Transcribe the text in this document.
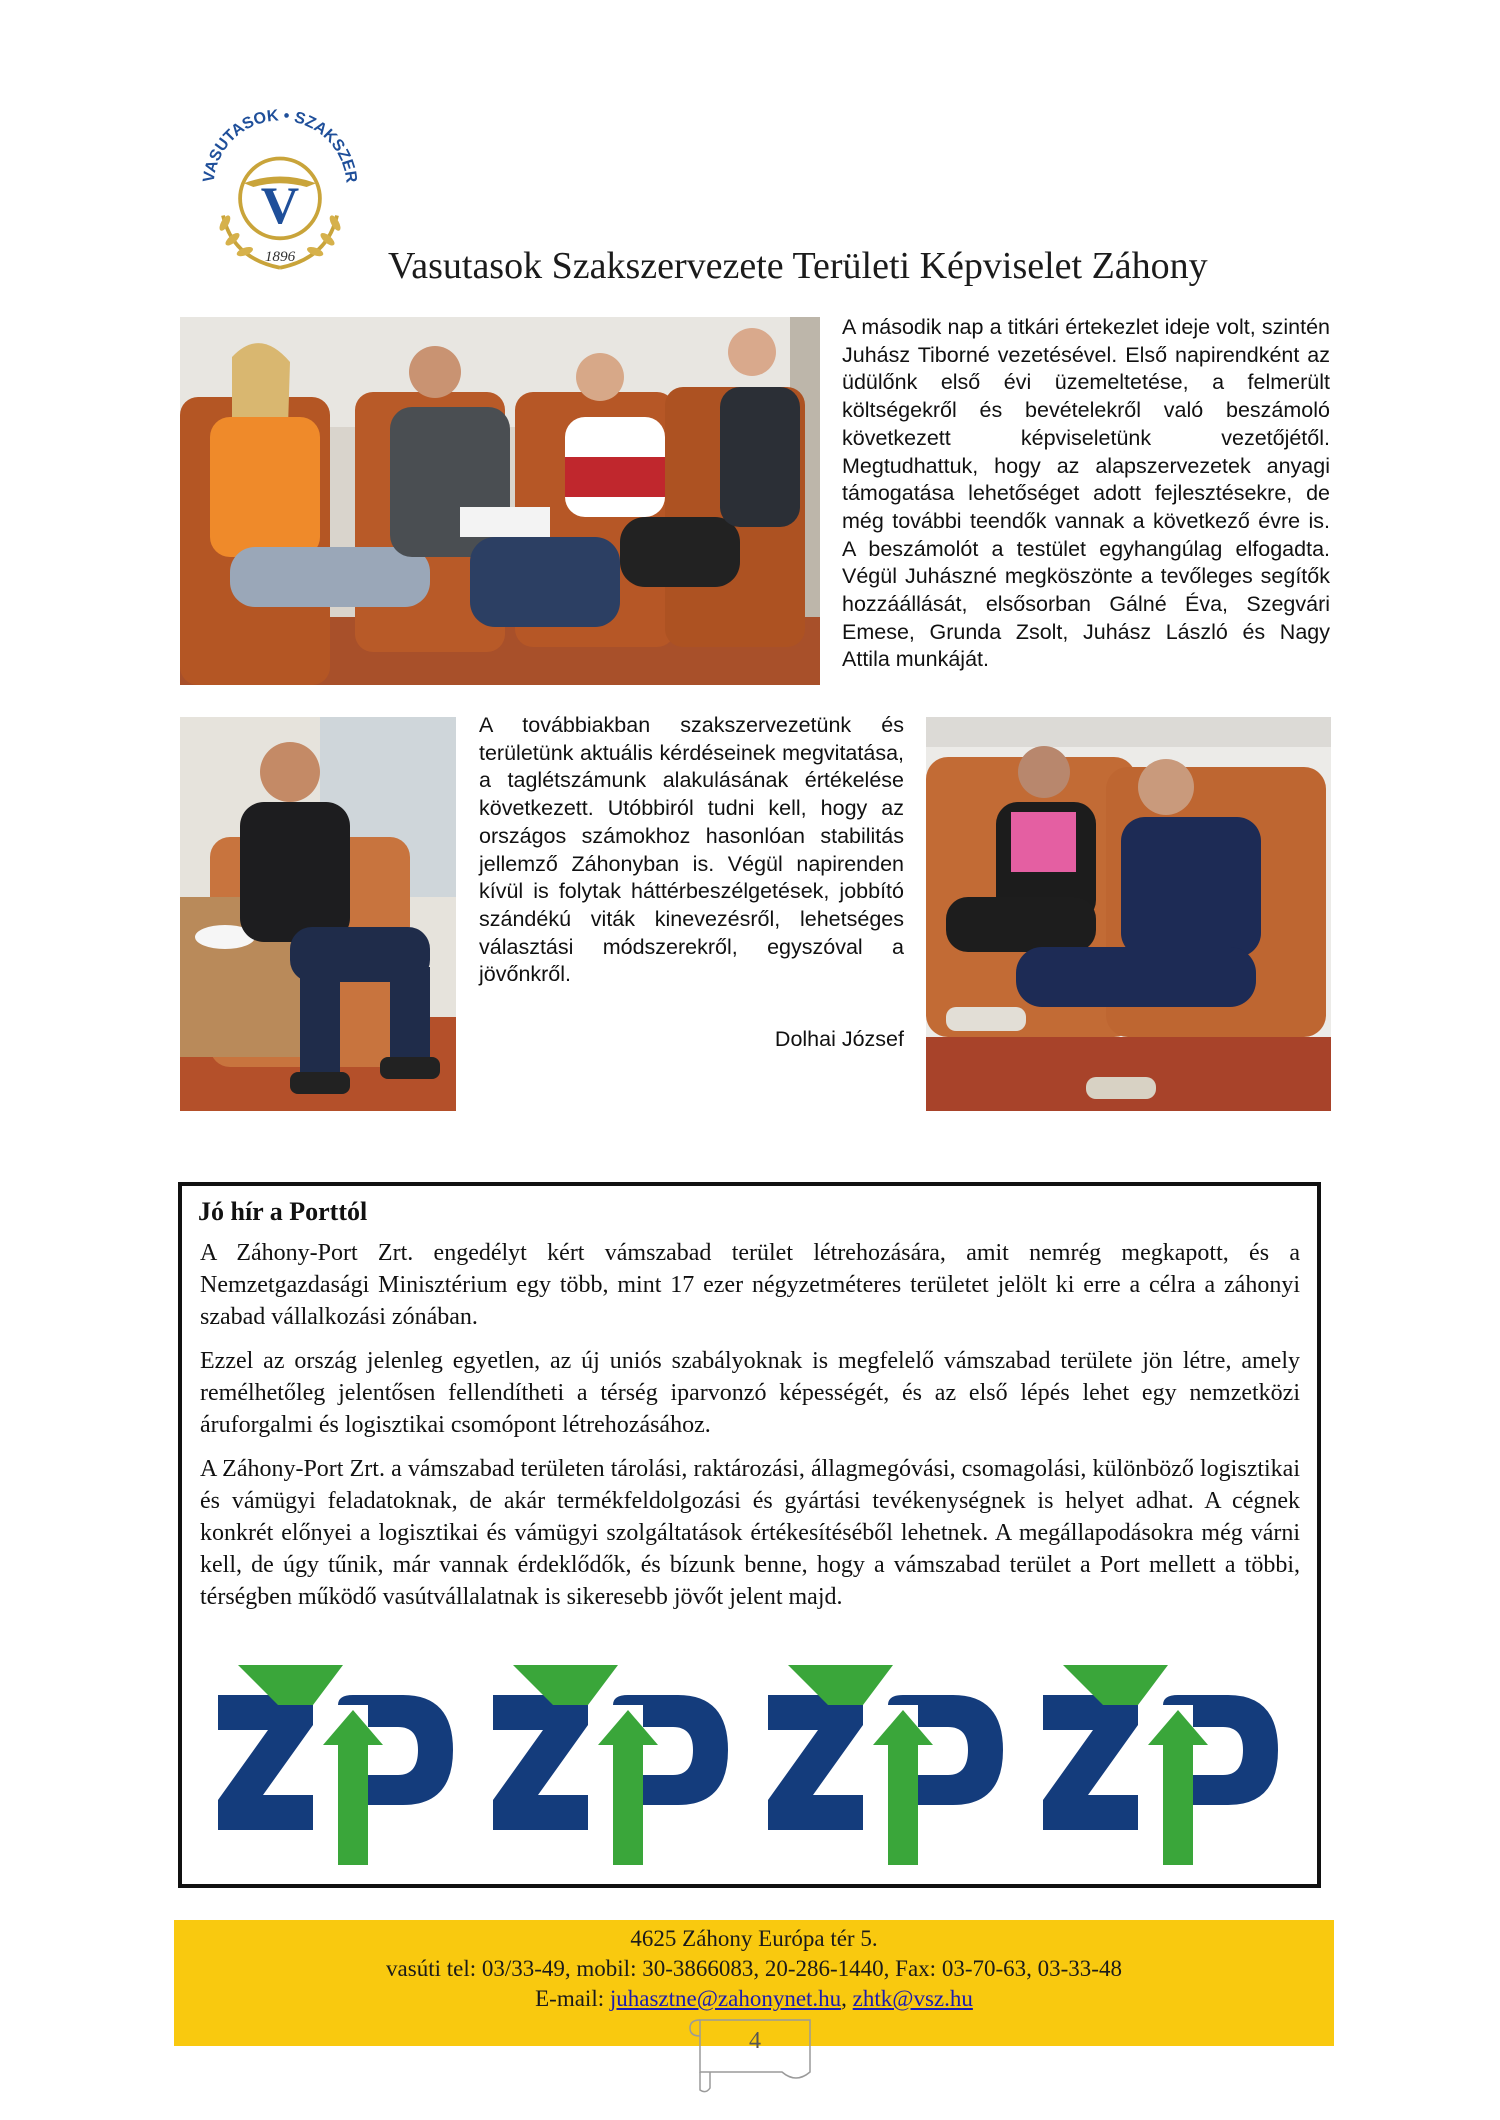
VASUTASOK • SZAKSZER
V
1896 Vasutasok Szakszervezete Területi Képviselet Záhony
A második nap a titkári értekezlet ideje volt, szintén Juhász Tiborné vezetésével. Első napirendként az üdülőnk első évi üzemeltetése, a felmerült költségekről és bevételekről való beszámoló következett képviseletünk vezetőjétől. Megtudhattuk, hogy az alapszervezetek anyagi támogatása lehetőséget adott fejlesztésekre, de még további teendők vannak a következő évre is. A beszámolót a testület egyhangúlag elfogadta. Végül Juhászné megköszönte a tevőleges segítők hozzáállását, elsősorban Gálné Éva, Szegvári Emese, Grunda Zsolt, Juhász László és Nagy Attila munkáját.
A továbbiakban szakszervezetünk és területünk aktuális kérdéseinek megvitatása, a taglétszámunk alakulásának értékelése következett. Utóbbiról tudni kell, hogy az országos számokhoz hasonlóan stabilitás jellemző Záhonyban is. Végül napirenden kívül is folytak háttérbeszélgetések, jobbító szándékú viták kinevezésről, lehetséges választási módszerekről, egyszóval a jövőnkről.
Dolhai József
Jó hír a Porttól
A Záhony-Port Zrt. engedélyt kért vámszabad terület létrehozására, amit nemrég megkapott, és a Nemzetgazdasági Minisztérium egy több, mint 17 ezer négyzetméteres területet jelölt ki erre a célra a záhonyi szabad vállalkozási zónában.
Ezzel az ország jelenleg egyetlen, az új uniós szabályoknak is megfelelő vámszabad területe jön létre, amely remélhetőleg jelentősen fellendítheti a térség iparvonzó képességét, és az első lépés lehet egy nemzetközi áruforgalmi és logisztikai csomópont létrehozásához.
A Záhony-Port Zrt. a vámszabad területen tárolási, raktározási, állagmegóvási, csomagolási, különböző logisztikai és vámügyi feladatoknak, de akár termékfeldolgozási és gyártási tevékenységnek is helyet adhat. A cégnek konkrét előnyei a logisztikai és vámügyi szolgáltatások értékesítéséből lehetnek. A megállapodásokra még várni kell, de úgy tűnik, már vannak érdeklődők, és bízunk benne, hogy a vámszabad terület a Port mellett a többi, térségben működő vasútvállalatnak is sikeresebb jövőt jelent majd.
4625 Záhony Európa tér 5.
vasúti tel: 03/33-49, mobil: 30-3866083, 20-286-1440, Fax: 03-70-63, 03-33-48
E-mail: juhasztne@zahonynet.hu, zhtk@vsz.hu
4
